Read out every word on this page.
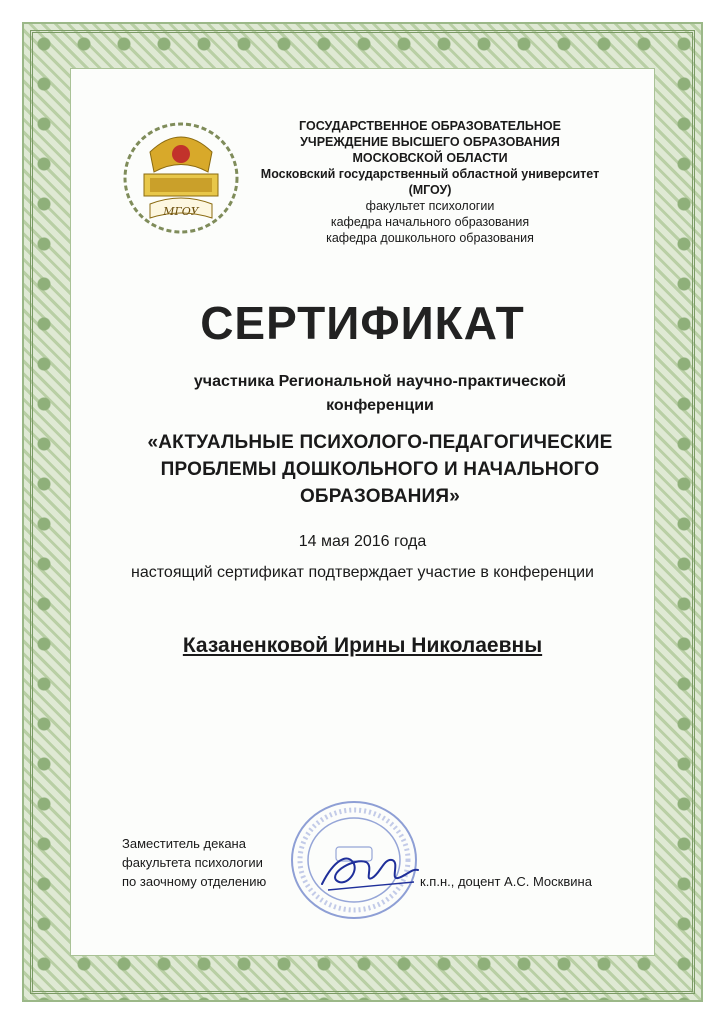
МГОУ
ГОСУДАРСТВЕННОЕ ОБРАЗОВАТЕЛЬНОЕ
УЧРЕЖДЕНИЕ ВЫСШЕГО ОБРАЗОВАНИЯ
МОСКОВСКОЙ ОБЛАСТИ
Московский государственный областной университет
(МГОУ)
факультет психологии
кафедра начального образования
кафедра дошкольного образования
СЕРТИФИКАТ
участника Региональной научно-практической
конференции
«АКТУАЛЬНЫЕ ПСИХОЛОГО-ПЕДАГОГИЧЕСКИЕ
ПРОБЛЕМЫ ДОШКОЛЬНОГО И НАЧАЛЬНОГО
ОБРАЗОВАНИЯ»
14 мая 2016 года
настоящий сертификат подтверждает участие в конференции
Казаненковой Ирины Николаевны
Заместитель декана
факультета психологии
по заочному отделению	к.п.н., доцент А.С. Москвина
